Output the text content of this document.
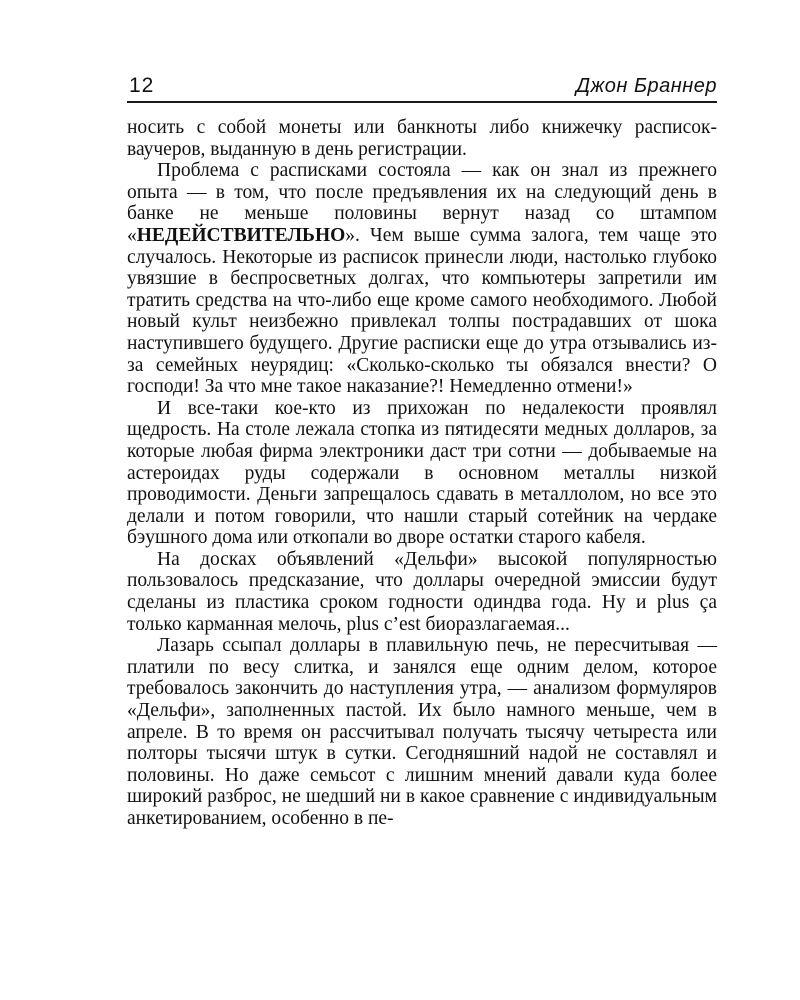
12	Джон Браннер

носить с собой монеты или банкноты либо книжечку расписок-ваучеров, выданную в день регистрации.

Проблема с расписками состояла — как он знал из прежнего опыта — в том, что после предъявления их на следующий день в банке не меньше половины вернут назад со штампом «НЕДЕЙСТВИТЕЛЬНО». Чем выше сумма залога, тем чаще это случалось. Некоторые из расписок принесли люди, настолько глубоко увязшие в беспросветных долгах, что компьютеры запретили им тратить средства на что-либо еще кроме самого необходимого. Любой новый культ неизбежно привлекал толпы пострадавших от шока наступившего будущего. Другие расписки еще до утра отзывались из-за семейных неурядиц: «Сколько-сколько ты обязался внести? О господи! За что мне такое наказание?! Немедленно отмени!»

И все-таки кое-кто из прихожан по недалекости проявлял щедрость. На столе лежала стопка из пятидесяти медных долларов, за которые любая фирма электроники даст три сотни — добываемые на астероидах руды содержали в основном металлы низкой проводимости. Деньги запрещалось сдавать в металлолом, но все это делали и потом говорили, что нашли старый сотейник на чердаке бэушного дома или откопали во дворе остатки старого кабеля.

На досках объявлений «Дельфи» высокой популярностью пользовалось предсказание, что доллары очередной эмиссии будут сделаны из пластика сроком годности одиндва года. Ну и plus ça только карманная мелочь, plus c’est биоразлагаемая...

Лазарь ссыпал доллары в плавильную печь, не пересчитывая — платили по весу слитка, и занялся еще одним делом, которое требовалось закончить до наступления утра, — анализом формуляров «Дельфи», заполненных пастой. Их было намного меньше, чем в апреле. В то время он рассчитывал получать тысячу четыреста или полторы тысячи штук в сутки. Сегодняшний надой не составлял и половины. Но даже семьсот с лишним мнений давали куда более широкий разброс, не шедший ни в какое сравнение с индивидуальным анкетированием, особенно в пе-
